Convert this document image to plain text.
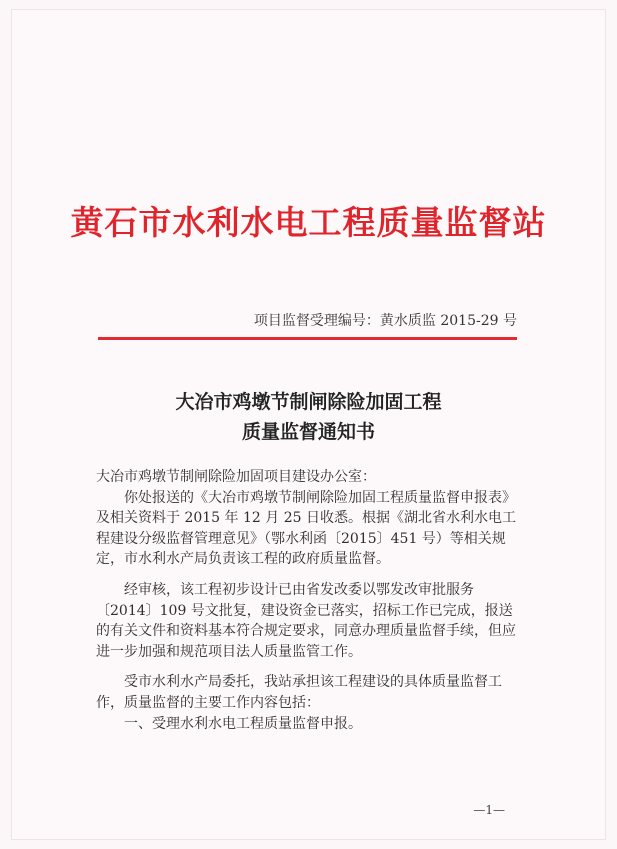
黄石市水利水电工程质量监督站
项目监督受理编号：黄水质监 2015-29 号
大冶市鸡墩节制闸除险加固工程
质量监督通知书

大冶市鸡墩节制闸除险加固项目建设办公室：

你处报送的《大冶市鸡墩节制闸除险加固工程质量监督申报表》及相关资料于 2015 年 12 月 25 日收悉。根据《湖北省水利水电工程建设分级监督管理意见》（鄂水利函〔2015〕451 号）等相关规定，市水利水产局负责该工程的政府质量监督。

经审核，该工程初步设计已由省发改委以鄂发改审批服务〔2014〕109 号文批复，建设资金已落实，招标工作已完成，报送的有关文件和资料基本符合规定要求，同意办理质量监督手续，但应进一步加强和规范项目法人质量监管工作。

受市水利水产局委托，我站承担该工程建设的具体质量监督工作，质量监督的主要工作内容包括：

一、受理水利水电工程质量监督申报。

—1—
